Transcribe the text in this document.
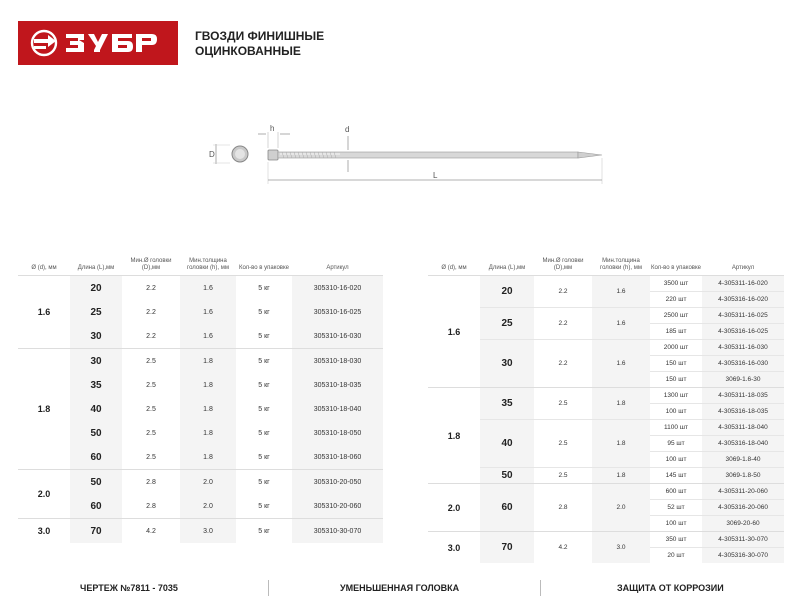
ГВОЗДИ ФИНИШНЫЕ
ОЦИНКОВАННЫЕ
D
h	d
L
Ø (d), мм	Длина (L),мм	Мин.Ø головки (D),мм	Мин.толщина головки (h), мм	Кол-во в упаковке	Артикул
1.6	20	2.2	1.6	5 кг	305310-16-020
	25	2.2	1.6	5 кг	305310-16-025
	30	2.2	1.6	5 кг	305310-16-030
1.8	30	2.5	1.8	5 кг	305310-18-030
	35	2.5	1.8	5 кг	305310-18-035
	40	2.5	1.8	5 кг	305310-18-040
	50	2.5	1.8	5 кг	305310-18-050
	60	2.5	1.8	5 кг	305310-18-060
2.0	50	2.8	2.0	5 кг	305310-20-050
	60	2.8	2.0	5 кг	305310-20-060
3.0	70	4.2	3.0	5 кг	305310-30-070
Ø (d), мм	Длина (L),мм	Мин.Ø головки (D),мм	Мин.толщина головки (h), мм	Кол-во в упаковке	Артикул
1.6	20	2.2	1.6	3500 шт	4-305311-16-020
				220 шт	4-305316-16-020
	25	2.2	1.6	2500 шт	4-305311-16-025
				185 шт	4-305316-16-025
	30	2.2	1.6	2000 шт	4-305311-16-030
				150 шт	4-305316-16-030
				150 шт	3069-1.6-30
1.8	35	2.5	1.8	1300 шт	4-305311-18-035
				100 шт	4-305316-18-035
	40	2.5	1.8	1100 шт	4-305311-18-040
				95 шт	4-305316-18-040
				100 шт	3069-1.8-40
	50	2.5	1.8	145 шт	3069-1.8-50
2.0	60	2.8	2.0	600 шт	4-305311-20-060
				52 шт	4-305316-20-060
				100 шт	3069-20-60
3.0	70	4.2	3.0	350 шт	4-305311-30-070
				20 шт	4-305316-30-070
ЧЕРТЕЖ №7811 - 7035	УМЕНЬШЕННАЯ ГОЛОВКА	ЗАЩИТА ОТ КОРРОЗИИ
